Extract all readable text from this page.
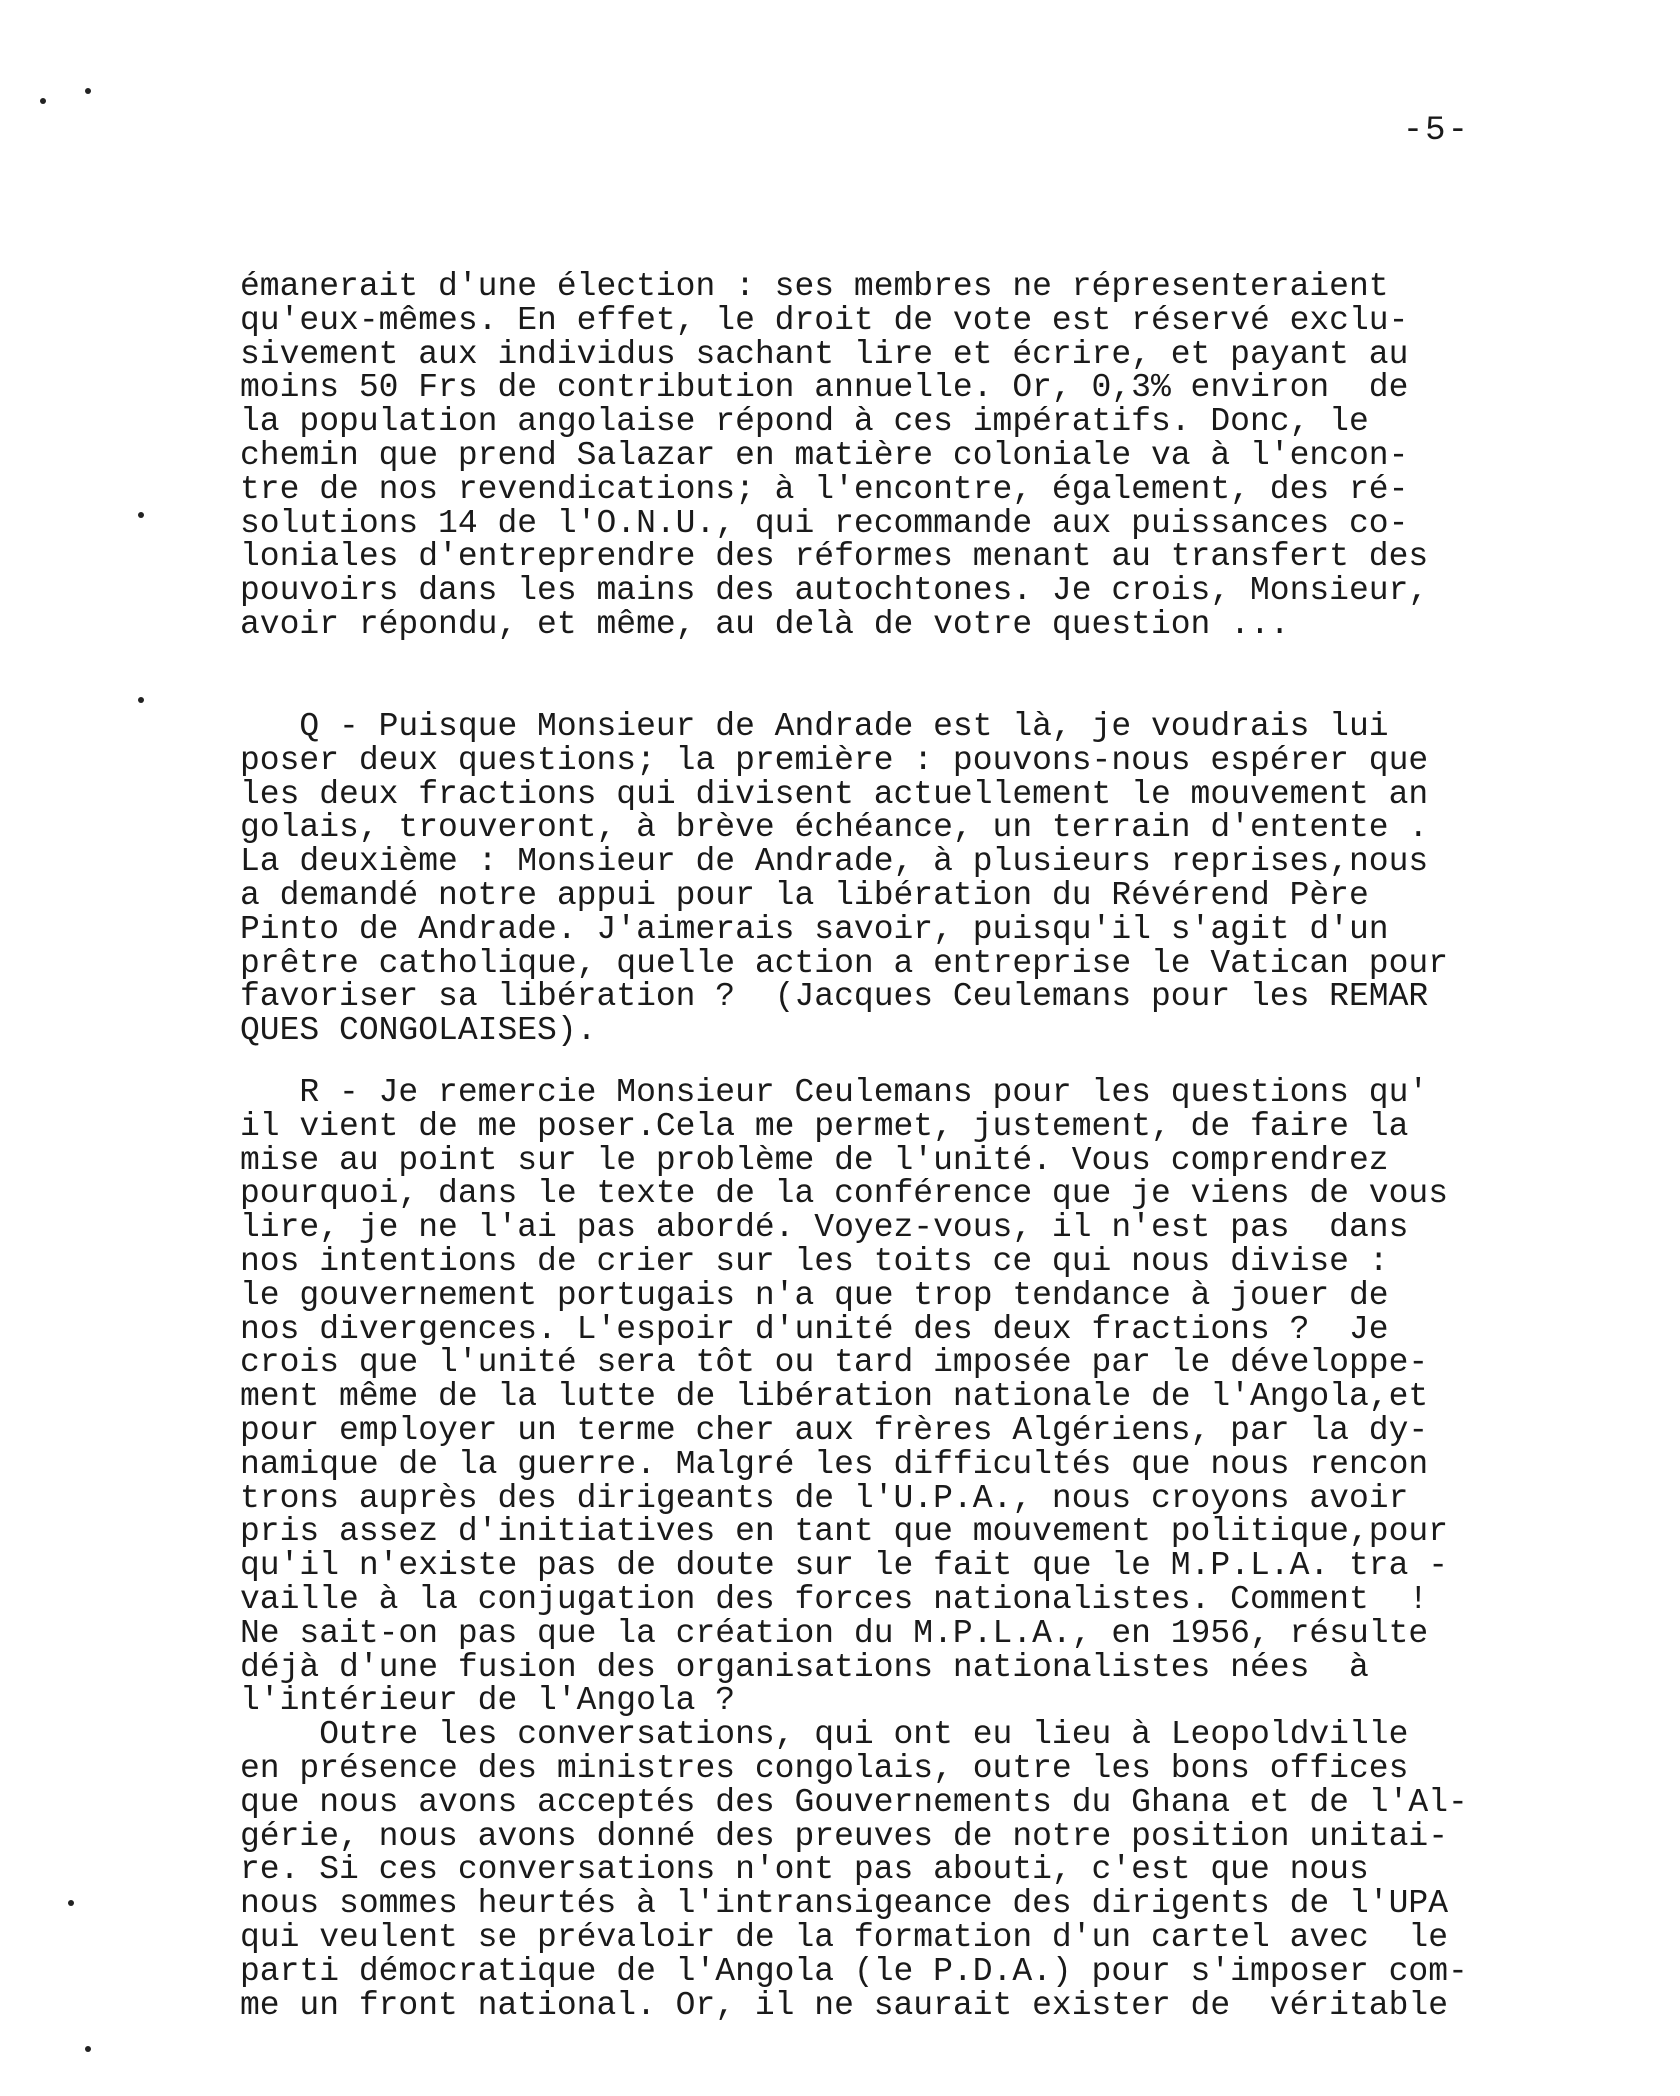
-5-

émanerait d'une élection : ses membres ne répresenteraient
qu'eux-mêmes. En effet, le droit de vote est réservé exclu-
sivement aux individus sachant lire et écrire, et payant au
moins 50 Frs de contribution annuelle. Or, 0,3% environ  de
la population angolaise répond à ces impératifs. Donc, le
chemin que prend Salazar en matière coloniale va à l'encon-
tre de nos revendications; à l'encontre, également, des ré-
solutions 14 de l'O.N.U., qui recommande aux puissances co-
loniales d'entreprendre des réformes menant au transfert des
pouvoirs dans les mains des autochtones. Je crois, Monsieur,
avoir répondu, et même, au delà de votre question ...

Q - Puisque Monsieur de Andrade est là, je voudrais lui
poser deux questions; la première : pouvons-nous espérer que
les deux fractions qui divisent actuellement le mouvement an
golais, trouveront, à brève échéance, un terrain d'entente .
La deuxième : Monsieur de Andrade, à plusieurs reprises,nous
a demandé notre appui pour la libération du Révérend Père
Pinto de Andrade. J'aimerais savoir, puisqu'il s'agit d'un
prêtre catholique, quelle action a entreprise le Vatican pour
favoriser sa libération ?  (Jacques Ceulemans pour les REMAR
QUES CONGOLAISES).

R - Je remercie Monsieur Ceulemans pour les questions qu'
il vient de me poser.Cela me permet, justement, de faire la
mise au point sur le problème de l'unité. Vous comprendrez
pourquoi, dans le texte de la conférence que je viens de vous
lire, je ne l'ai pas abordé. Voyez-vous, il n'est pas  dans
nos intentions de crier sur les toits ce qui nous divise :
le gouvernement portugais n'a que trop tendance à jouer de
nos divergences. L'espoir d'unité des deux fractions ?  Je
crois que l'unité sera tôt ou tard imposée par le développe-
ment même de la lutte de libération nationale de l'Angola,et
pour employer un terme cher aux frères Algériens, par la dy-
namique de la guerre. Malgré les difficultés que nous rencon
trons auprès des dirigeants de l'U.P.A., nous croyons avoir
pris assez d'initiatives en tant que mouvement politique,pour
qu'il n'existe pas de doute sur le fait que le M.P.L.A. tra -
vaille à la conjugation des forces nationalistes. Comment  !
Ne sait-on pas que la création du M.P.L.A., en 1956, résulte
déjà d'une fusion des organisations nationalistes nées  à
l'intérieur de l'Angola ?
Outre les conversations, qui ont eu lieu à Leopoldville
en présence des ministres congolais, outre les bons offices
que nous avons acceptés des Gouvernements du Ghana et de l'Al-
gérie, nous avons donné des preuves de notre position unitai-
re. Si ces conversations n'ont pas abouti, c'est que nous
nous sommes heurtés à l'intransigeance des dirigents de l'UPA
qui veulent se prévaloir de la formation d'un cartel avec  le
parti démocratique de l'Angola (le P.D.A.) pour s'imposer com-
me un front national. Or, il ne saurait exister de  véritable
